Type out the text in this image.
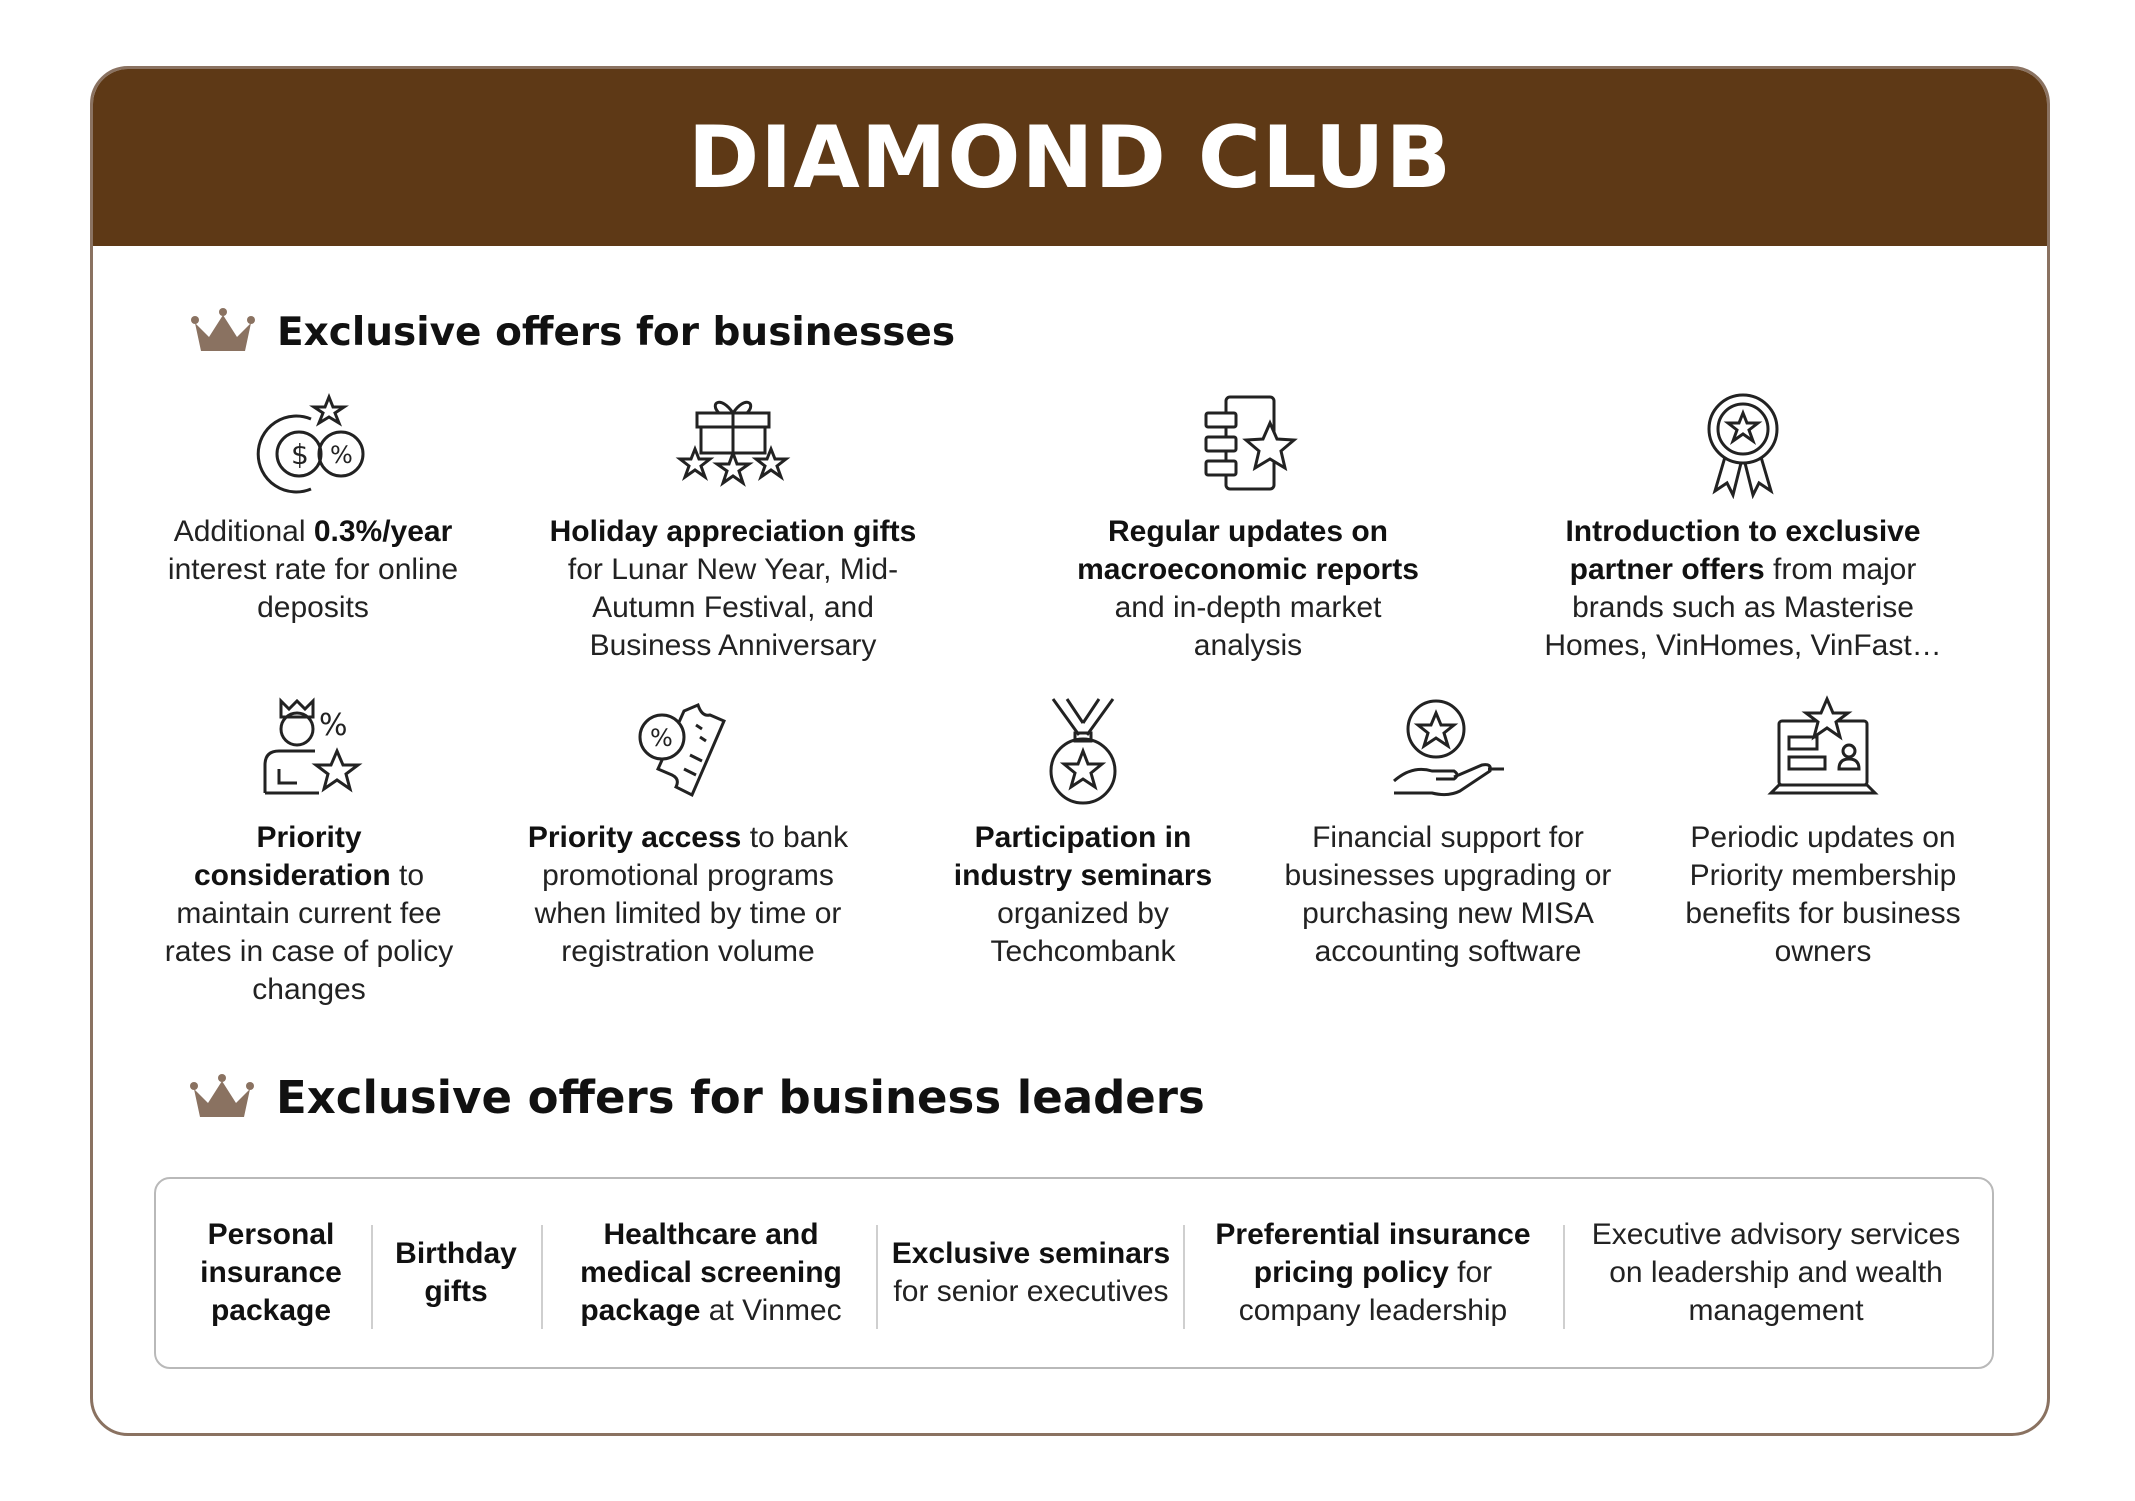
DIAMOND CLUB
Exclusive offers for businesses
$ %
Additional 0.3%/year interest rate for online deposits
Holiday appreciation gifts for Lunar New Year, Mid-Autumn Festival, and Business Anniversary
Regular updates on macroeconomic reports and in-depth market analysis
Introduction to exclusive partner offers from major brands such as Masterise Homes, VinHomes, VinFast…
%
Priority consideration to maintain current fee rates in case of policy changes
%
Priority access to bank promotional programs when limited by time or registration volume
Participation in industry seminars organized by Techcombank
Financial support for businesses upgrading or purchasing new MISA accounting software
Periodic updates on Priority membership benefits for business owners
Exclusive offers for business leaders
Personal insurance package
Birthday gifts
Healthcare and medical screening package at Vinmec
Exclusive seminars for senior executives
Preferential insurance pricing policy for company leadership
Executive advisory services on leadership and wealth management
